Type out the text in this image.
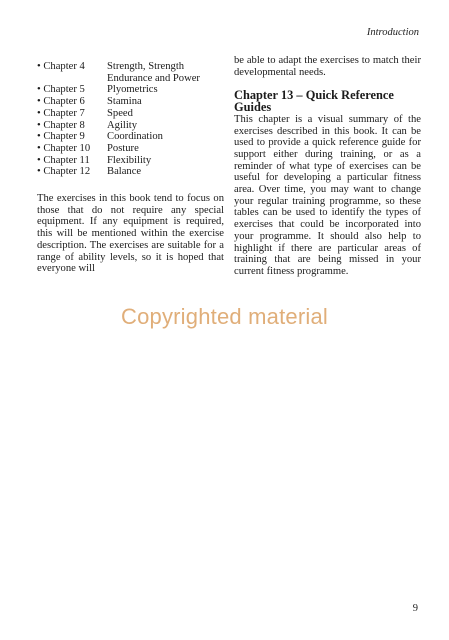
Introduction
• Chapter 4	Strength, Strength Endurance and Power
• Chapter 5	Plyometrics
• Chapter 6	Stamina
• Chapter 7	Speed
• Chapter 8	Agility
• Chapter 9	Coordination
• Chapter 10	Posture
• Chapter 11	Flexibility
• Chapter 12	Balance

The exercises in this book tend to focus on those that do not require any special equipment. If any equipment is required, this will be mentioned within the exercise description. The exercises are suitable for a range of ability levels, so it is hoped that everyone will

be able to adapt the exercises to match their developmental needs.

Chapter 13 – Quick Reference Guides

This chapter is a visual summary of the exercises described in this book. It can be used to provide a quick reference guide for support either during training, or as a reminder of what type of exercises can be useful for developing a particular fitness area. Over time, you may want to change your regular training programme, so these tables can be used to identify the types of exercises that could be incorporated into your programme. It should also help to highlight if there are particular areas of training that are being missed in your current fitness programme.

Copyrighted material
9
